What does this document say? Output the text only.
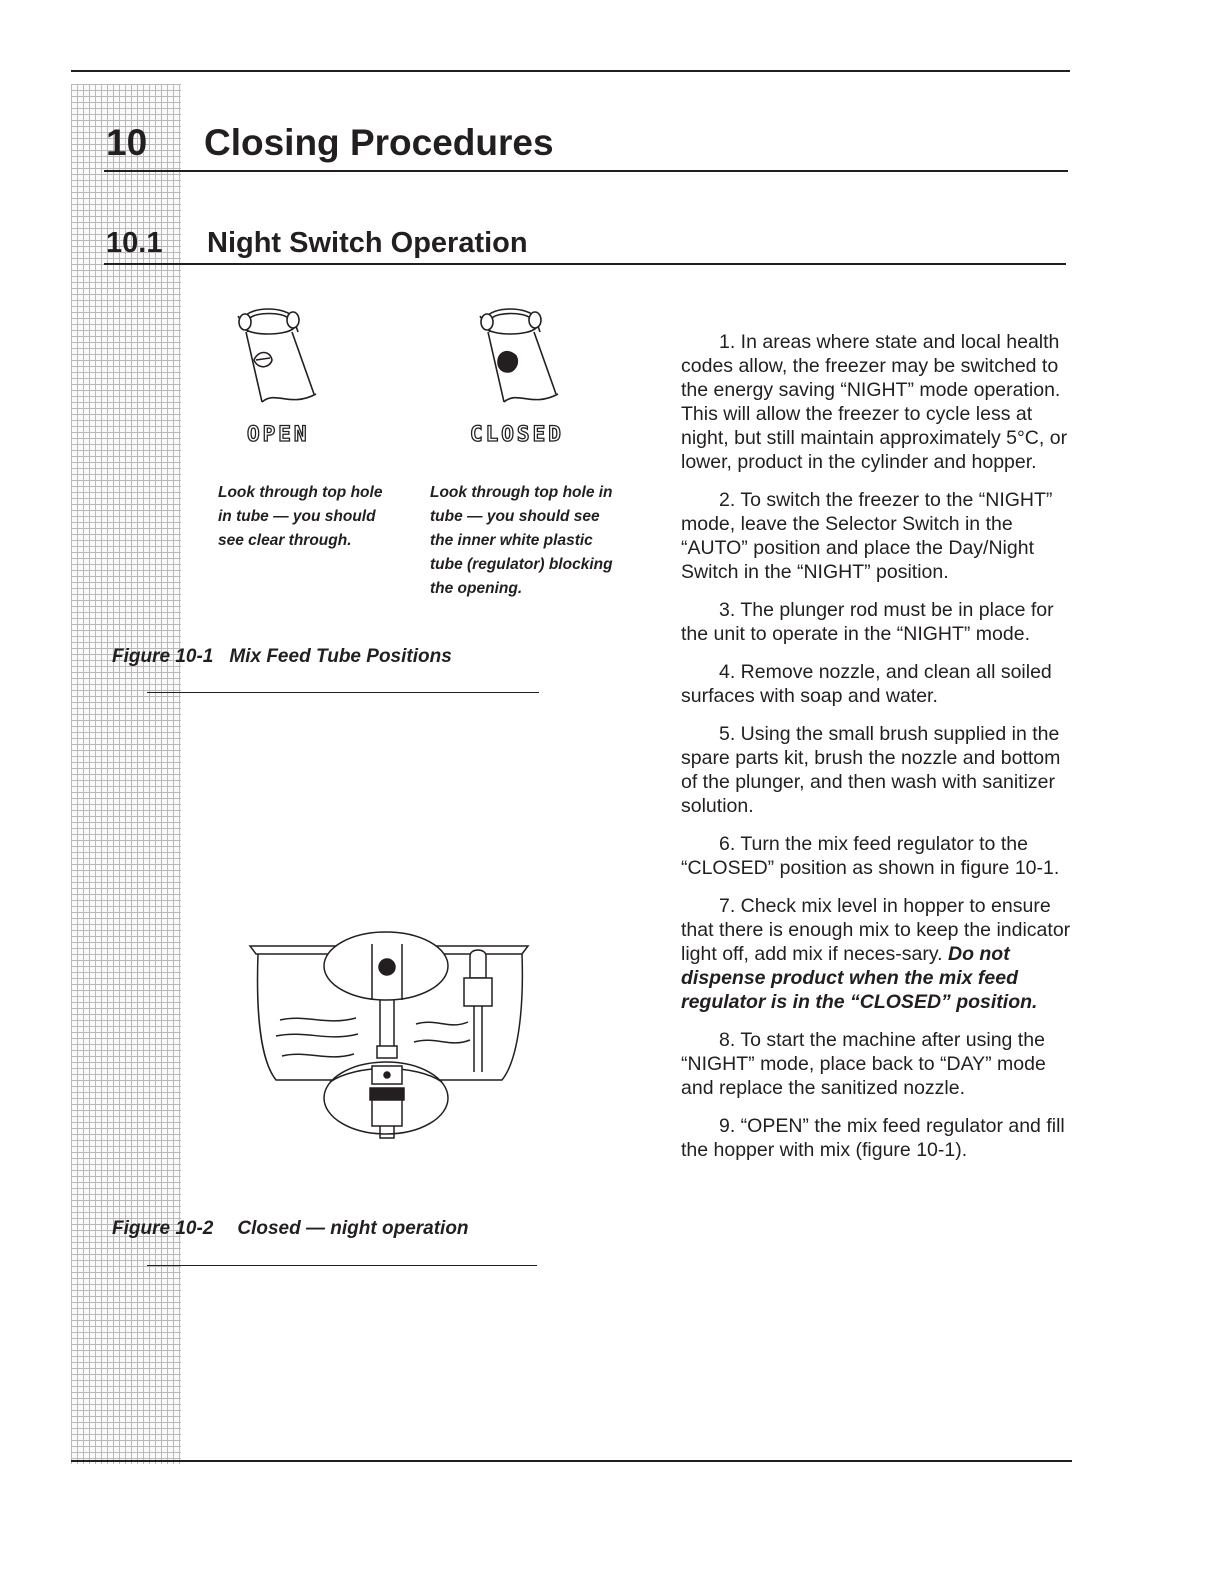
10 Closing Procedures
10.1 Night Switch Operation
OPEN	CLOSED
Look through top hole in tube — you should see clear through.
Look through top hole in tube — you should see the inner white plastic tube (regulator) blocking the opening.
Figure 10-1 Mix Feed Tube Positions
Figure 10-2 Closed — night operation

1. In areas where state and local health codes allow, the freezer may be switched to the energy saving “NIGHT” mode operation. This will allow the freezer to cycle less at night, but still maintain approximately 5°C, or lower, product in the cylinder and hopper.

2. To switch the freezer to the “NIGHT” mode, leave the Selector Switch in the “AUTO” position and place the Day/Night Switch in the “NIGHT” position.

3. The plunger rod must be in place for the unit to operate in the “NIGHT” mode.

4. Remove nozzle, and clean all soiled surfaces with soap and water.

5. Using the small brush supplied in the spare parts kit, brush the nozzle and bottom of the plunger, and then wash with sanitizer solution.

6. Turn the mix feed regulator to the “CLOSED” position as shown in figure 10-1.

7. Check mix level in hopper to ensure that there is enough mix to keep the indicator light off, add mix if neces-sary. Do not dispense product when the mix feed regulator is in the “CLOSED” position.

8. To start the machine after using the “NIGHT” mode, place back to “DAY” mode and replace the sanitized nozzle.

9. “OPEN” the mix feed regulator and fill the hopper with mix (figure 10-1).
